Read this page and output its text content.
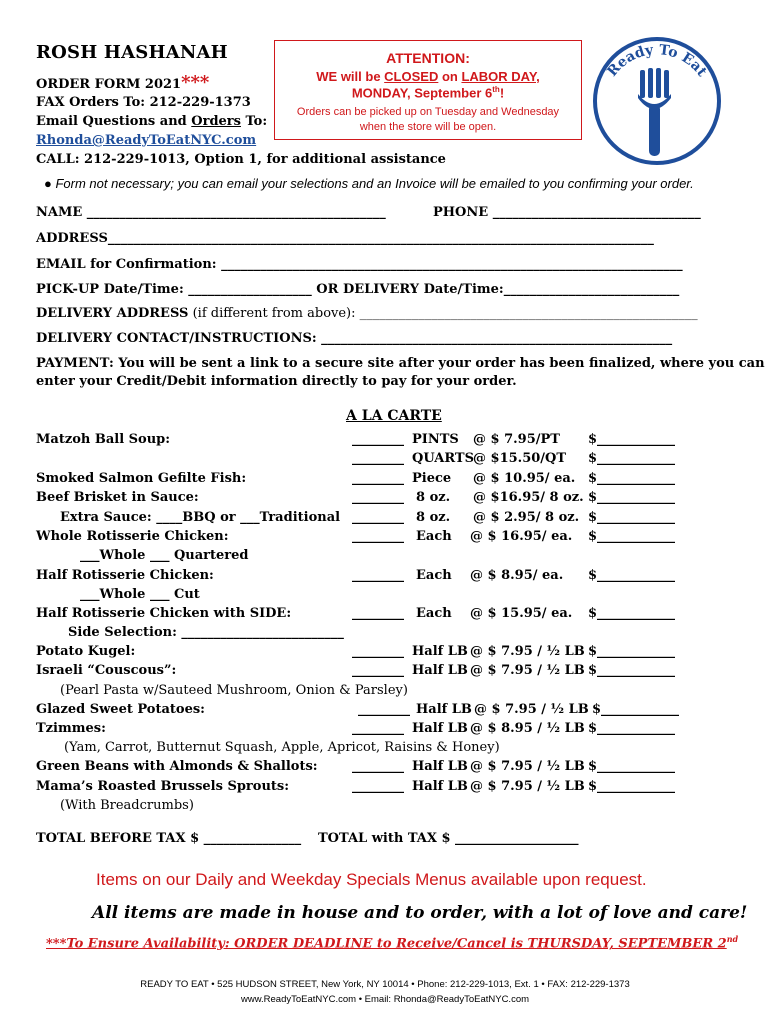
ROSH HASHANAH
ORDER FORM 2021***
FAX Orders To: 212-229-1373
Email Questions and Orders To:
Rhonda@ReadyToEatNYC.com
CALL: 212-229-1013, Option 1, for additional assistance
ATTENTION:
WE will be CLOSED on LABOR DAY,
MONDAY, September 6th!
Orders can be picked up on Tuesday and Wednesday
when the store will be open.
Ready To Eat
● Form not necessary; you can email your selections and an Invoice will be emailed to you confirming your order.
NAME ______________________________________________	PHONE ________________________________
ADDRESS____________________________________________________________________________________
EMAIL for Confirmation: _______________________________________________________________________
PICK-UP Date/Time: ___________________ OR DELIVERY Date/Time:___________________________
DELIVERY ADDRESS (if different from above): ____________________________________________________
DELIVERY CONTACT/INSTRUCTIONS: ______________________________________________________
PAYMENT: You will be sent a link to a secure site after your order has been finalized, where you can
enter your Credit/Debit information directly to pay for your order.
A LA CARTE
Matzoh Ball Soup:	________ PINTS @ $ 7.95/PT $____________
________ QUARTS @ $15.50/QT $____________
Smoked Salmon Gefilte Fish:	________ Piece @ $ 10.95/ ea. $____________
Beef Brisket in Sauce:	________ 8 oz. @ $16.95/ 8 oz. $____________
Extra Sauce: ____BBQ or ___Traditional ________ 8 oz. @ $ 2.95/ 8 oz. $____________
Whole Rotisserie Chicken:	________ Each @ $ 16.95/ ea. $____________
___Whole ___ Quartered
Half Rotisserie Chicken:	________ Each @ $ 8.95/ ea. $____________
___Whole ___ Cut
Half Rotisserie Chicken with SIDE:	________ Each @ $ 15.95/ ea. $____________
Side Selection: _________________________
Potato Kugel:	________ Half LB @ $ 7.95 / ½ LB $____________
Israeli “Couscous”:	________ Half LB @ $ 7.95 / ½ LB $____________
(Pearl Pasta w/Sauteed Mushroom, Onion & Parsley)
Glazed Sweet Potatoes:	________ Half LB @ $ 7.95 / ½ LB $____________
Tzimmes:	________ Half LB @ $ 8.95 / ½ LB $____________
(Yam, Carrot, Butternut Squash, Apple, Apricot, Raisins & Honey)
Green Beans with Almonds & Shallots:	________ Half LB @ $ 7.95 / ½ LB $____________
Mama’s Roasted Brussels Sprouts:	________ Half LB @ $ 7.95 / ½ LB $____________
(With Breadcrumbs)
TOTAL BEFORE TAX $ _______________ TOTAL with TAX $ ___________________
Items on our Daily and Weekday Specials Menus available upon request.
All items are made in house and to order, with a lot of love and care!
***To Ensure Availability: ORDER DEADLINE to Receive/Cancel is THURSDAY, SEPTEMBER 2nd
READY TO EAT • 525 HUDSON STREET, New York, NY 10014 • Phone: 212-229-1013, Ext. 1 • FAX: 212-229-1373
www.ReadyToEatNYC.com • Email: Rhonda@ReadyToEatNYC.com
